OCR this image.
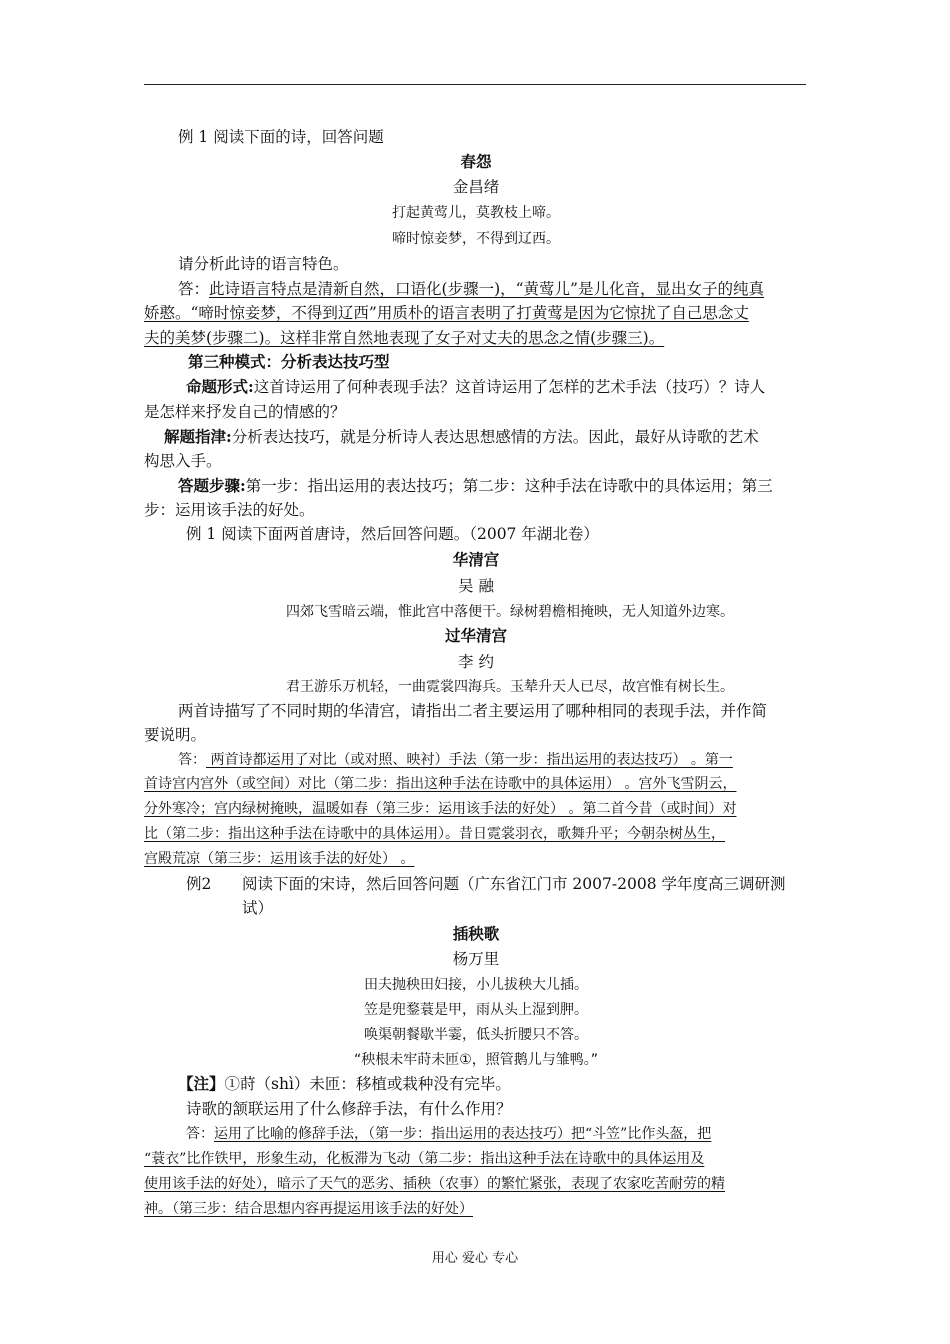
例 1 阅读下面的诗，回答问题
春怨
金昌绪
打起黄莺儿，莫教枝上啼。
啼时惊妾梦，不得到辽西。
请分析此诗的语言特色。
答：此诗语言特点是清新自然，口语化(步骤一)，“黄莺儿”是儿化音，显出女子的纯真
娇憨。“啼时惊妾梦，不得到辽西”用质朴的语言表明了打黄莺是因为它惊扰了自己思念丈
夫的美梦(步骤二)。这样非常自然地表现了女子对丈夫的思念之情(步骤三)。
第三种模式：分析表达技巧型
命题形式:这首诗运用了何种表现手法？这首诗运用了怎样的艺术手法（技巧）？诗人
是怎样来抒发自己的情感的？
解题指津:分析表达技巧，就是分析诗人表达思想感情的方法。因此，最好从诗歌的艺术
构思入手。
答题步骤:第一步：指出运用的表达技巧；第二步：这种手法在诗歌中的具体运用；第三
步：运用该手法的好处。
例 1 阅读下面两首唐诗，然后回答问题。（2007 年湖北卷）
华清宫
吴 融
四郊飞雪暗云端，惟此宫中落便干。绿树碧檐相掩映，无人知道外边寒。
过华清宫
李 约
君王游乐万机轻，一曲霓裳四海兵。玉辇升天人已尽，故宫惟有树长生。
两首诗描写了不同时期的华清宫，请指出二者主要运用了哪种相同的表现手法，并作简
要说明。
答： 两首诗都运用了对比（或对照、映衬）手法（第一步：指出运用的表达技巧） 。第一
首诗宫内宫外（或空间）对比（第二步：指出这种手法在诗歌中的具体运用） 。宫外飞雪阴云，
分外寒冷；宫内绿树掩映，温暖如春（第三步：运用该手法的好处） 。第二首今昔（或时间）对
比（第二步：指出这种手法在诗歌中的具体运用）。昔日霓裳羽衣，歌舞升平；今朝杂树丛生，
宫殿荒凉（第三步：运用该手法的好处） 。
例2	阅读下面的宋诗，然后回答问题（广东省江门市 2007-2008 学年度高三调研测
试）
插秧歌
杨万里
田夫抛秧田妇接，小儿拔秧大儿插。
笠是兜鍪蓑是甲，雨从头上湿到胛。
唤渠朝餐歇半霎，低头折腰只不答。
“秧根未牢莳未匝①，照管鹅儿与雏鸭。”
【注】①莳（shì）未匝：移植或栽种没有完毕。
诗歌的颔联运用了什么修辞手法，有什么作用？
答：运用了比喻的修辞手法，（第一步：指出运用的表达技巧）把“斗笠”比作头盔，把
“蓑衣”比作铁甲，形象生动，化板滞为飞动（第二步：指出这种手法在诗歌中的具体运用及
使用该手法的好处），暗示了天气的恶劣、插秧（农事）的繁忙紧张，表现了农家吃苦耐劳的精
神。（第三步：结合思想内容再提运用该手法的好处）
用心 爱心 专心
